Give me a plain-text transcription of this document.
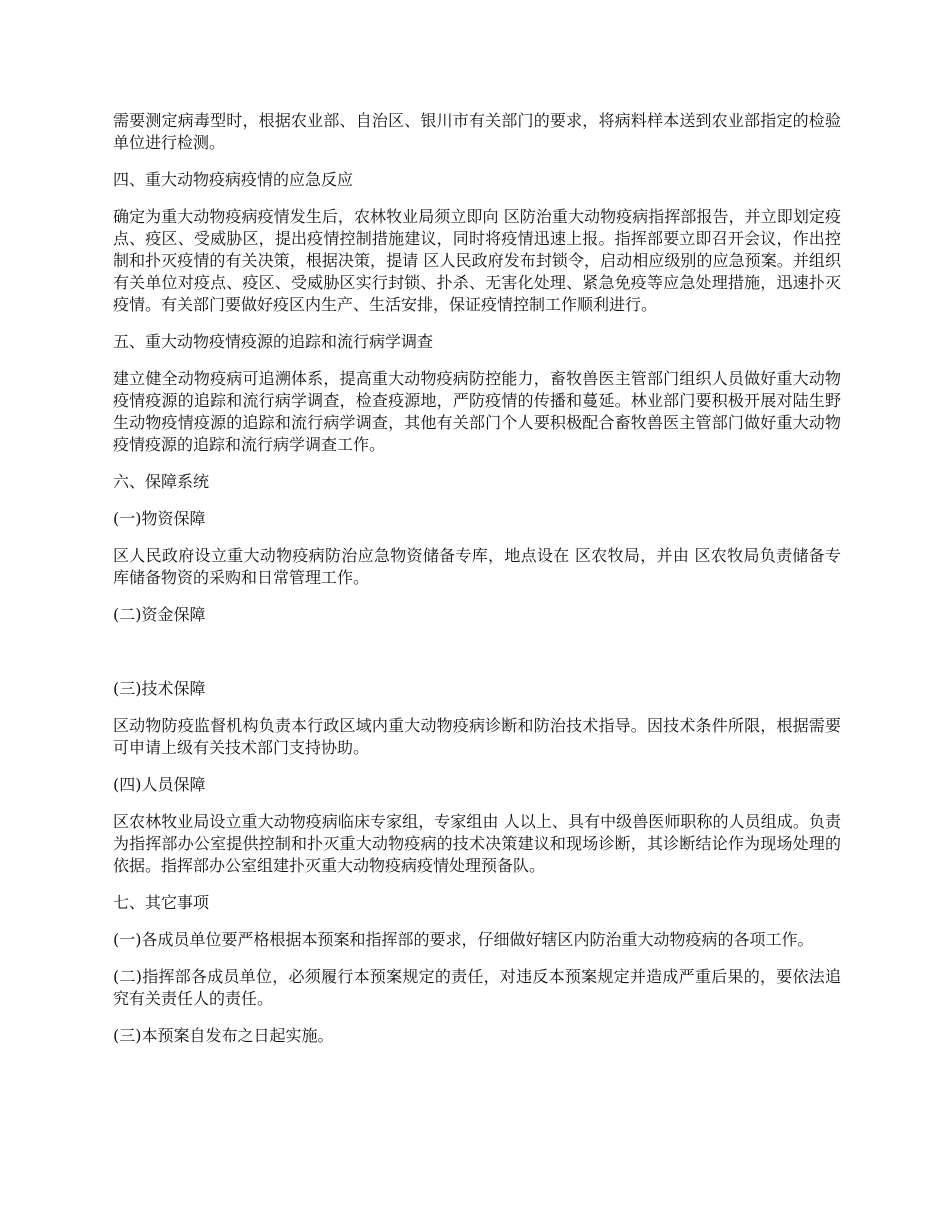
需要测定病毒型时，根据农业部、自治区、银川市有关部门的要求，将病料样本送到农业部指定的检验单位进行检测。

四、重大动物疫病疫情的应急反应

确定为重大动物疫病疫情发生后，农林牧业局须立即向 区防治重大动物疫病指挥部报告，并立即划定疫点、疫区、受威胁区，提出疫情控制措施建议，同时将疫情迅速上报。指挥部要立即召开会议，作出控制和扑灭疫情的有关决策，根据决策，提请 区人民政府发布封锁令，启动相应级别的应急预案。并组织有关单位对疫点、疫区、受威胁区实行封锁、扑杀、无害化处理、紧急免疫等应急处理措施，迅速扑灭疫情。有关部门要做好疫区内生产、生活安排，保证疫情控制工作顺利进行。

五、重大动物疫情疫源的追踪和流行病学调查

建立健全动物疫病可追溯体系，提高重大动物疫病防控能力，畜牧兽医主管部门组织人员做好重大动物疫情疫源的追踪和流行病学调查，检查疫源地，严防疫情的传播和蔓延。林业部门要积极开展对陆生野生动物疫情疫源的追踪和流行病学调查，其他有关部门个人要积极配合畜牧兽医主管部门做好重大动物疫情疫源的追踪和流行病学调查工作。

六、保障系统

(一)物资保障

区人民政府设立重大动物疫病防治应急物资储备专库，地点设在 区农牧局，并由 区农牧局负责储备专库储备物资的采购和日常管理工作。

(二)资金保障

(三)技术保障

区动物防疫监督机构负责本行政区域内重大动物疫病诊断和防治技术指导。因技术条件所限，根据需要可申请上级有关技术部门支持协助。

(四)人员保障

区农林牧业局设立重大动物疫病临床专家组，专家组由 人以上、具有中级兽医师职称的人员组成。负责为指挥部办公室提供控制和扑灭重大动物疫病的技术决策建议和现场诊断，其诊断结论作为现场处理的依据。指挥部办公室组建扑灭重大动物疫病疫情处理预备队。

七、其它事项

(一)各成员单位要严格根据本预案和指挥部的要求，仔细做好辖区内防治重大动物疫病的各项工作。

(二)指挥部各成员单位，必须履行本预案规定的责任，对违反本预案规定并造成严重后果的，要依法追究有关责任人的责任。

(三)本预案自发布之日起实施。
